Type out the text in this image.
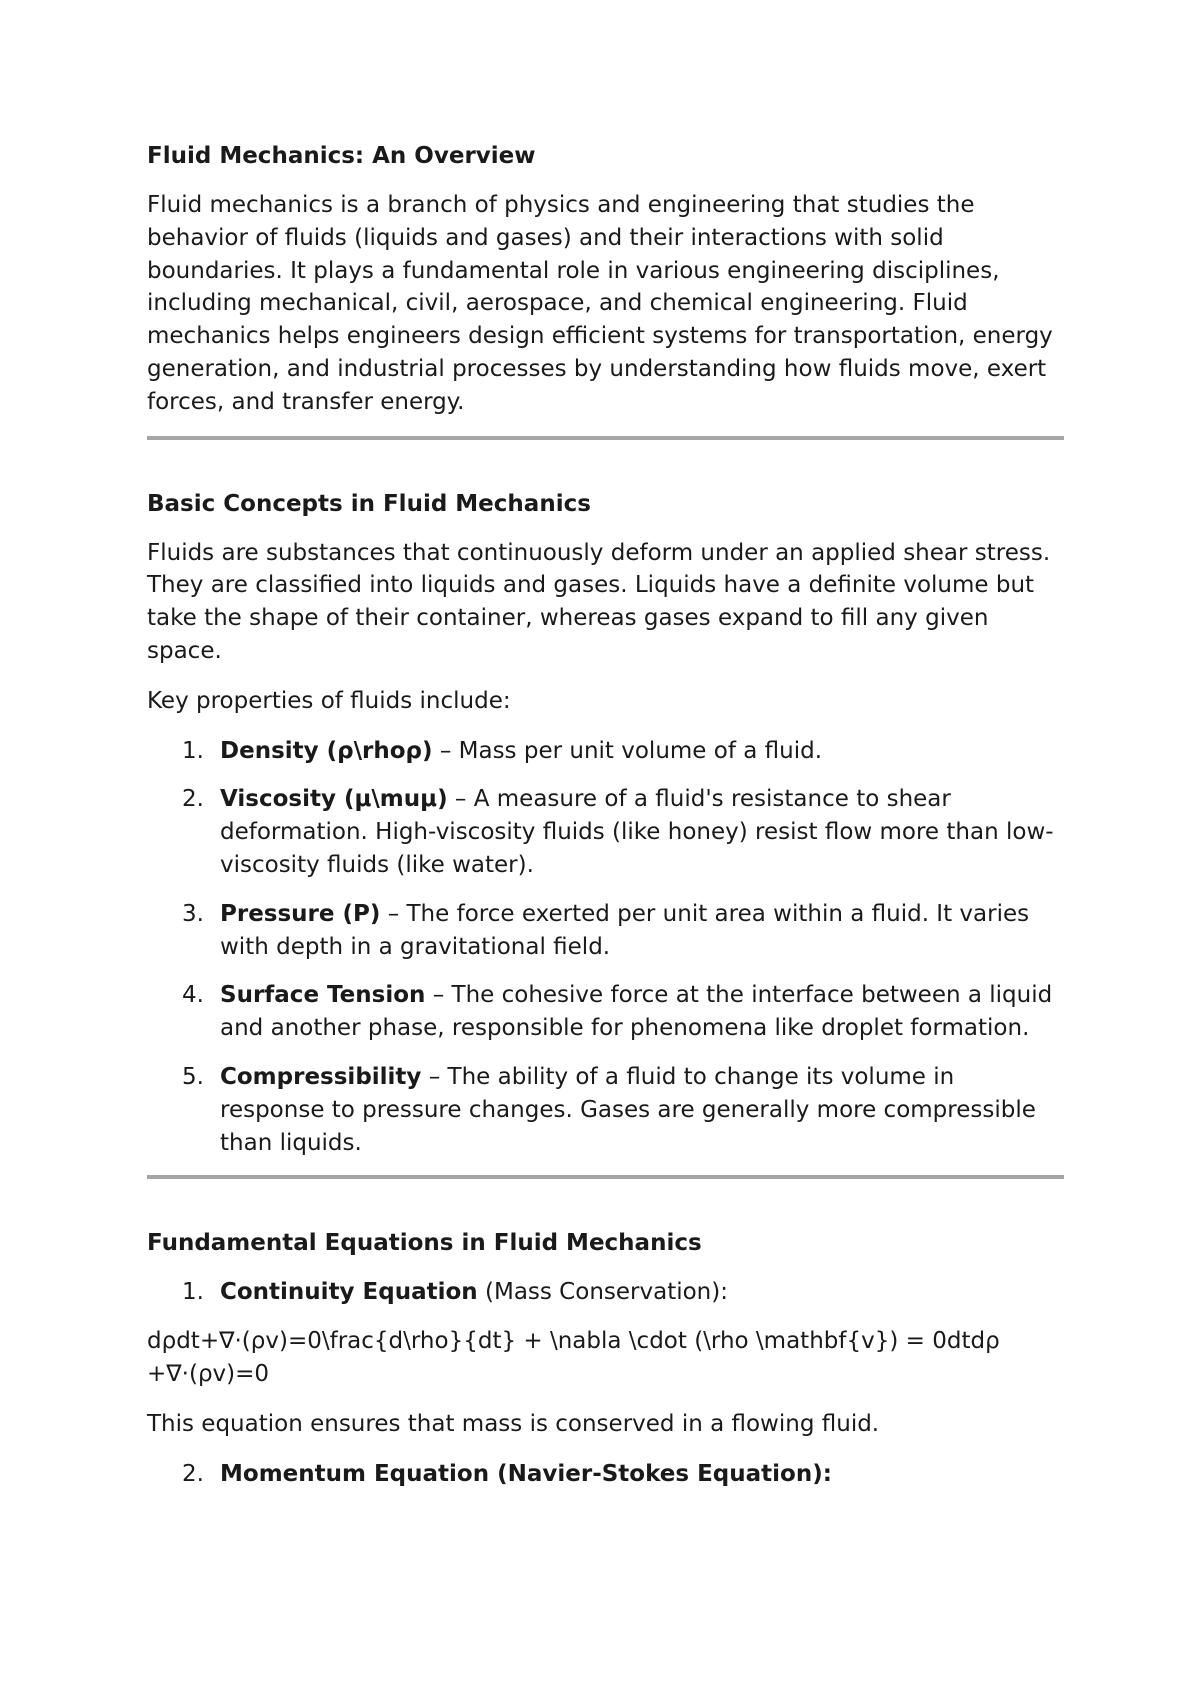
Fluid Mechanics: An Overview
Fluid mechanics is a branch of physics and engineering that studies the behavior of fluids (liquids and gases) and their interactions with solid boundaries. It plays a fundamental role in various engineering disciplines, including mechanical, civil, aerospace, and chemical engineering. Fluid mechanics helps engineers design efficient systems for transportation, energy generation, and industrial processes by understanding how fluids move, exert forces, and transfer energy.
Basic Concepts in Fluid Mechanics
Fluids are substances that continuously deform under an applied shear stress. They are classified into liquids and gases. Liquids have a definite volume but take the shape of their container, whereas gases expand to fill any given space.
Key properties of fluids include:
1. Density (ρ\rhoρ) – Mass per unit volume of a fluid.
2. Viscosity (μ\muμ) – A measure of a fluid's resistance to shear deformation. High-viscosity fluids (like honey) resist flow more than low-viscosity fluids (like water).
3. Pressure (P) – The force exerted per unit area within a fluid. It varies with depth in a gravitational field.
4. Surface Tension – The cohesive force at the interface between a liquid and another phase, responsible for phenomena like droplet formation.
5. Compressibility – The ability of a fluid to change its volume in response to pressure changes. Gases are generally more compressible than liquids.
Fundamental Equations in Fluid Mechanics
1. Continuity Equation (Mass Conservation):
dρdt+∇⋅(ρv)=0\frac{d\rho}{dt} + \nabla \cdot (\rho \mathbf{v}) = 0dtdρ​+∇⋅(ρv)=0
This equation ensures that mass is conserved in a flowing fluid.
2. Momentum Equation (Navier-Stokes Equation):
